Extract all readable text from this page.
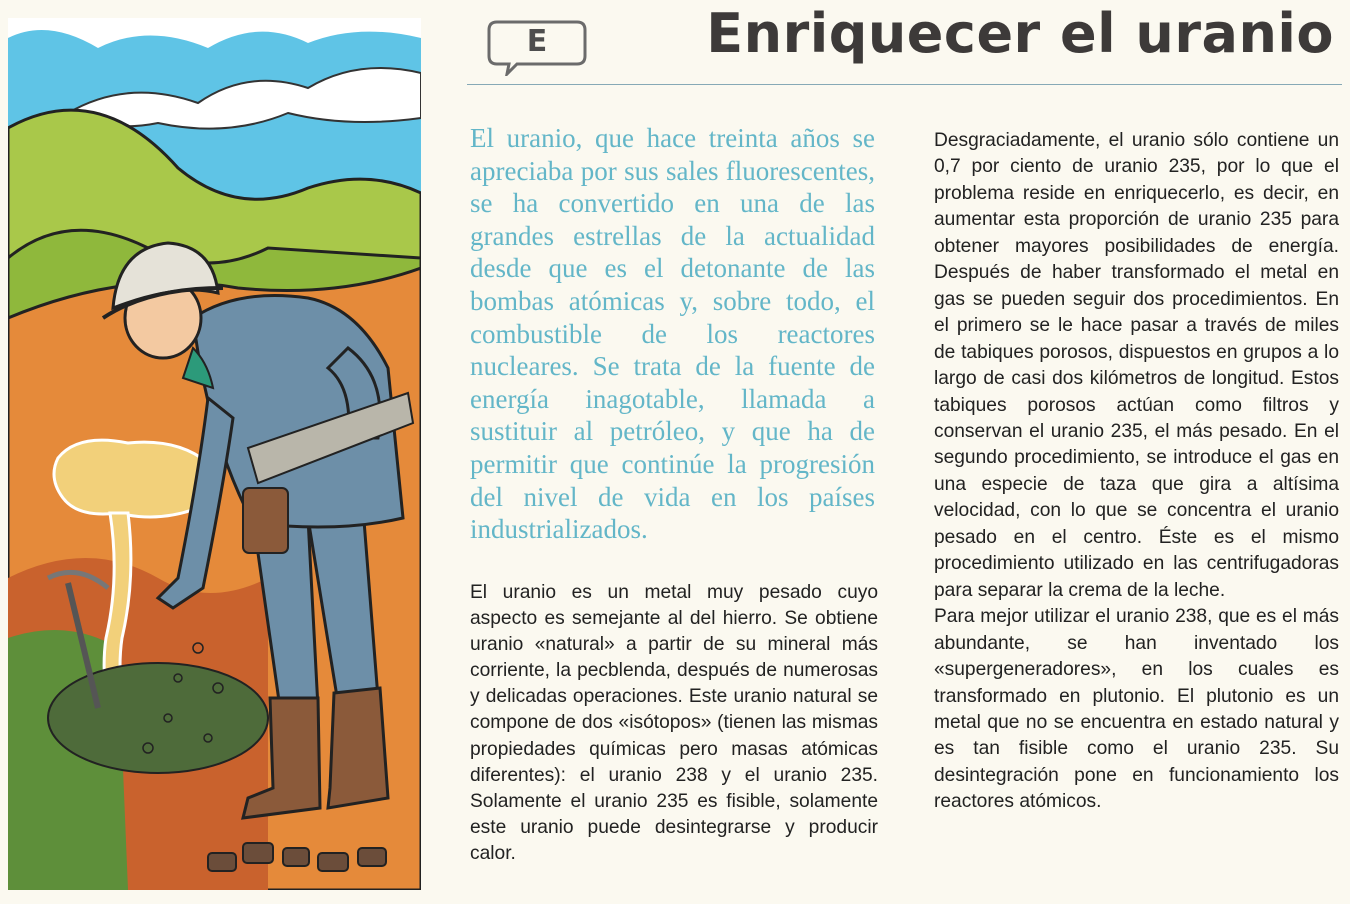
E	Enriquecer el uranio

El uranio, que hace treinta años se apreciaba por sus sales fluorescentes, se ha convertido en una de las grandes estrellas de la actualidad desde que es el detonante de las bombas atómicas y, sobre todo, el combustible de los reactores nucleares. Se trata de la fuente de energía inagotable, llamada a sustituir al petróleo, y que ha de permitir que continúe la progresión del nivel de vida en los países industrializados.

El uranio es un metal muy pesado cuyo aspecto es semejante al del hierro. Se obtiene uranio «natural» a partir de su mineral más corriente, la pecblenda, después de numerosas y delicadas operaciones. Este uranio natural se compone de dos «isótopos» (tienen las mismas propiedades químicas pero masas atómicas diferentes): el uranio 238 y el uranio 235. Solamente el uranio 235 es fisible, solamente este uranio puede desintegrarse y producir calor.

Desgraciadamente, el uranio sólo contiene un 0,7 por ciento de uranio 235, por lo que el problema reside en enriquecerlo, es decir, en aumentar esta proporción de uranio 235 para obtener mayores posibilidades de energía. Después de haber transformado el metal en gas se pueden seguir dos procedimientos. En el primero se le hace pasar a través de miles de tabiques porosos, dispuestos en grupos a lo largo de casi dos kilómetros de longitud. Estos tabiques porosos actúan como filtros y conservan el uranio 235, el más pesado. En el segundo procedimiento, se introduce el gas en una especie de taza que gira a altísima velocidad, con lo que se concentra el uranio pesado en el centro. Éste es el mismo procedimiento utilizado en las centrifugadoras para separar la crema de la leche.

Para mejor utilizar el uranio 238, que es el más abundante, se han inventado los «supergeneradores», en los cuales es transformado en plutonio. El plutonio es un metal que no se encuentra en estado natural y es tan fisible como el uranio 235. Su desintegración pone en funcionamiento los reactores atómicos.
